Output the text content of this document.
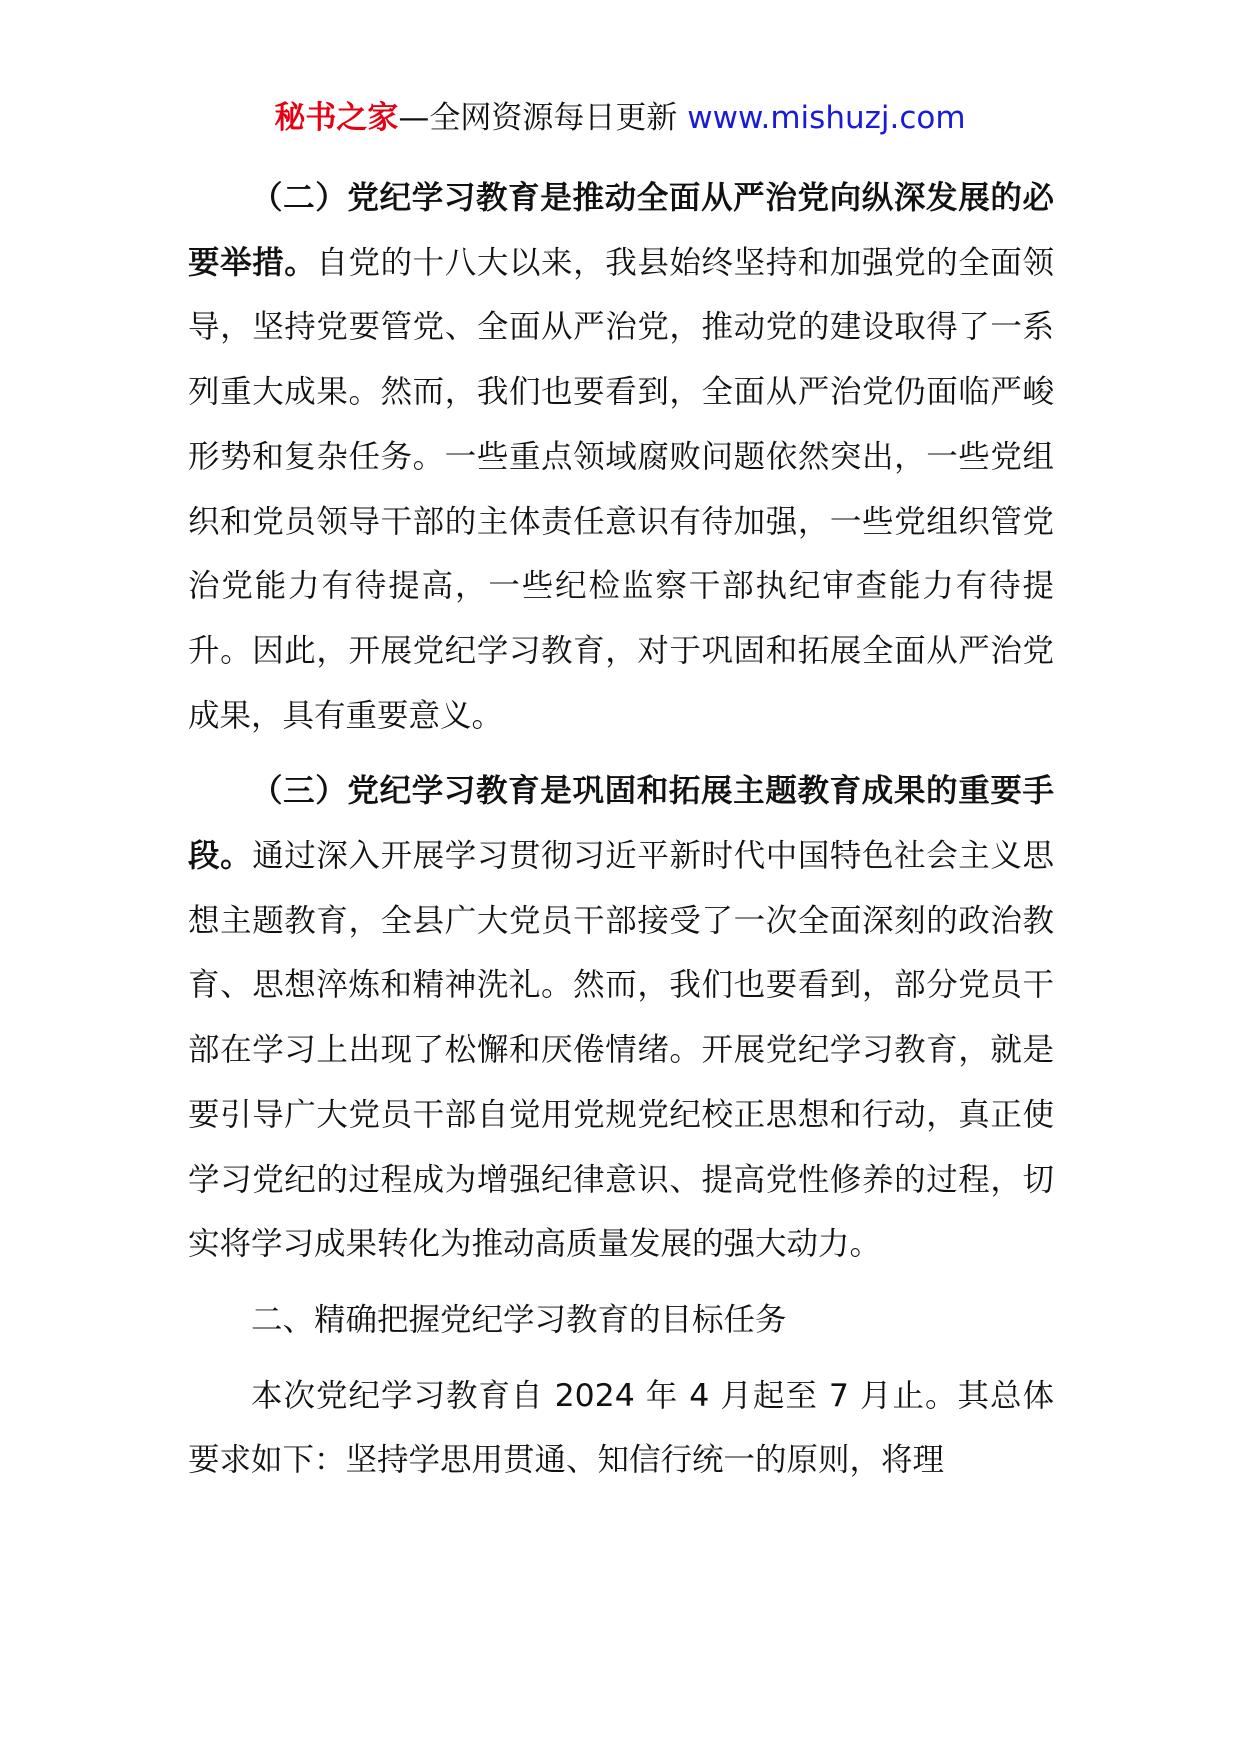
秘书之家—全网资源每日更新 www.mishuzj.com

（二）党纪学习教育是推动全面从严治党向纵深发展的必要举措。自党的十八大以来，我县始终坚持和加强党的全面领导，坚持党要管党、全面从严治党，推动党的建设取得了一系列重大成果。然而，我们也要看到，全面从严治党仍面临严峻形势和复杂任务。一些重点领域腐败问题依然突出，一些党组织和党员领导干部的主体责任意识有待加强，一些党组织管党治党能力有待提高，一些纪检监察干部执纪审查能力有待提升。因此，开展党纪学习教育，对于巩固和拓展全面从严治党成果，具有重要意义。

（三）党纪学习教育是巩固和拓展主题教育成果的重要手段。通过深入开展学习贯彻习近平新时代中国特色社会主义思想主题教育，全县广大党员干部接受了一次全面深刻的政治教育、思想淬炼和精神洗礼。然而，我们也要看到，部分党员干部在学习上出现了松懈和厌倦情绪。开展党纪学习教育，就是要引导广大党员干部自觉用党规党纪校正思想和行动，真正使学习党纪的过程成为增强纪律意识、提高党性修养的过程，切实将学习成果转化为推动高质量发展的强大动力。

二、精确把握党纪学习教育的目标任务

本次党纪学习教育自 2024 年 4 月起至 7 月止。其总体要求如下：坚持学思用贯通、知信行统一的原则，将理
